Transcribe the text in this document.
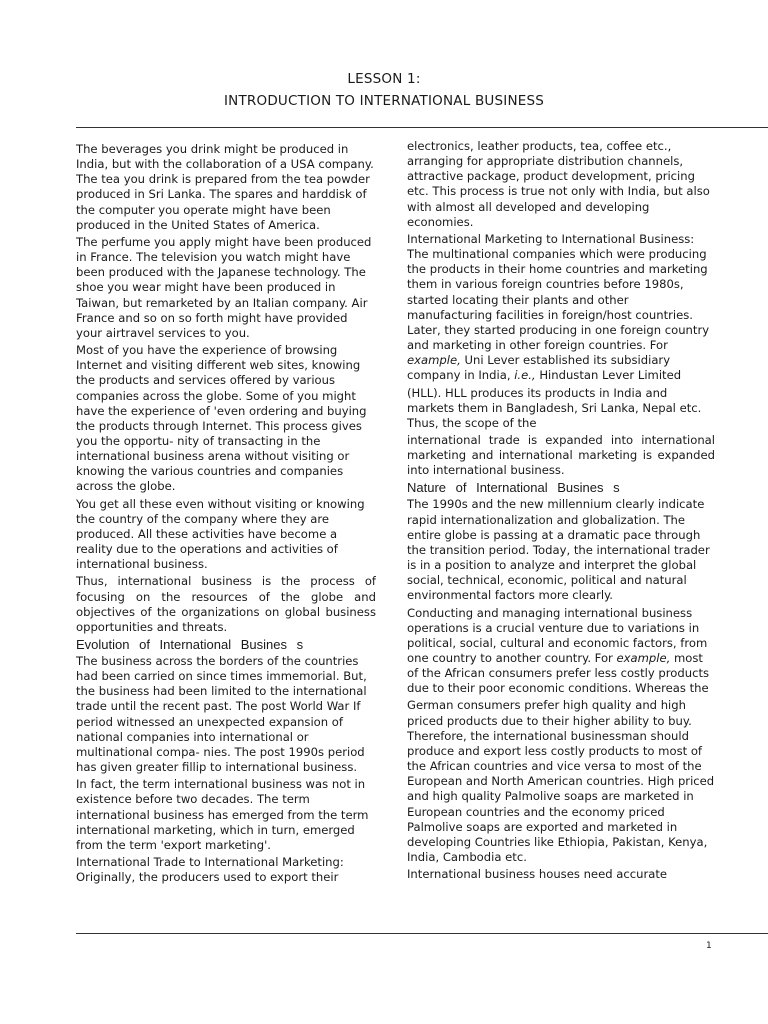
LESSON 1:
INTRODUCTION TO INTERNATIONAL BUSINESS

The beverages you drink might be produced in India, but with the collaboration of a USA company. The tea you drink is prepared from the tea powder produced in Sri Lanka. The spares and harddisk of the computer you operate might have been produced in the United States of America.

The perfume you apply might have been produced in France. The television you watch might have been produced with the Japanese technology. The shoe you wear might have been produced in Taiwan, but remarketed by an Italian company. Air France and so on so forth might have provided your airtravel services to you.

Most of you have the experience of browsing Internet and visiting different web sites, knowing the products and services offered by various companies across the globe. Some of you might have the experience of 'even ordering and buying the products through Internet. This process gives you the opportu- nity of transacting in the international business arena without visiting or knowing the various countries and companies across the globe.

You get all these even without visiting or knowing the country of the company where they are produced. All these activities have become a reality due to the operations and activities of international business.

Thus, international business is the process of focusing on the resources of the globe and objectives of the organizations on global business opportunities and threats.

Evolution of International Busines s

The business across the borders of the countries had been carried on since times immemorial. But, the business had been limited to the international trade until the recent past. The post World War If period witnessed an unexpected expansion of national companies into international or multinational compa- nies. The post 1990s period has given greater fillip to international business.

In fact, the term international business was not in existence before two decades. The term international business has emerged from the term international marketing, which in turn, emerged from the term 'export marketing'.

International Trade to International Marketing: Originally, the producers used to export their

electronics, leather products, tea, coffee etc., arranging for appropriate distribution channels, attractive package, product development, pricing etc. This process is true not only with India, but also with almost all developed and developing economies.

International Marketing to International Business: The multinational companies which were producing the products in their home countries and marketing them in various foreign countries before 1980s, started locating their plants and other manufacturing facilities in foreign/host countries. Later, they started producing in one foreign country and marketing in other foreign countries. For example, Uni Lever established its subsidiary company in India, i.e., Hindustan Lever Limited

(HLL). HLL produces its products in India and markets them in Bangladesh, Sri Lanka, Nepal etc. Thus, the scope of the

international trade is expanded into international marketing and international marketing is expanded into international business.

Nature of International Busines s

The 1990s and the new millennium clearly indicate rapid internationalization and globalization. The entire globe is passing at a dramatic pace through the transition period. Today, the international trader is in a position to analyze and interpret the global social, technical, economic, political and natural environmental factors more clearly.

Conducting and managing international business operations is a crucial venture due to variations in political, social, cultural and economic factors, from one country to another country. For example, most of the African consumers prefer less costly products due to their poor economic conditions. Whereas the

German consumers prefer high quality and high priced products due to their higher ability to buy. Therefore, the international businessman should produce and export less costly products to most of the African countries and vice versa to most of the European and North American countries. High priced and high quality Palmolive soaps are marketed in European countries and the economy priced Palmolive soaps are exported and marketed in developing Countries like Ethiopia, Pakistan, Kenya, India, Cambodia etc.

International business houses need accurate

1
